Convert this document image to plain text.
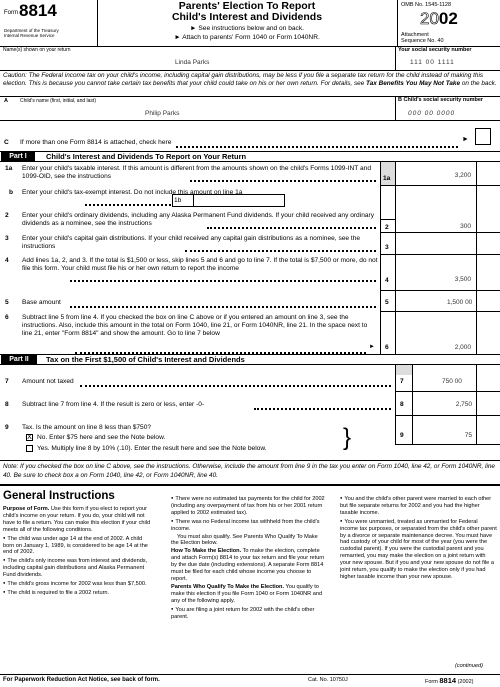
Form 8814
Department of the Treasury
Internal Revenue Service
Parents' Election To Report
Child's Interest and Dividends
► See instructions below and on back.
► Attach to parents' Form 1040 or Form 1040NR.
OMB No. 1545-1128
2002
Attachment
Sequence No. 40
Name(s) shown on your return
Linda Parks
Your social security number
111 00 1111
Caution: The Federal income tax on your child's income, including capital gain distributions, may be less if you file a separate tax return for the child instead of making this election. This is because you cannot take certain tax benefits that your child could take on his or her own return. For details, see Tax Benefits You May Not Take on the back.
A Child's name (first, initial, and last)
Philip Parks
B Child's social security number
000 00 0000
C If more than one Form 8814 is attached, check here	►
Part I	Child's Interest and Dividends To Report on Your Return
1a Enter your child's taxable interest. If this amount is different from the amounts shown on the child's Forms 1099-INT and 1099-OID, see the instructions	1a	3,200
b Enter your child's tax-exempt interest. Do not include this amount on line 1a
1b
2 Enter your child's ordinary dividends, including any Alaska Permanent Fund dividends. If your child received any ordinary dividends as a nominee, see the instructions
2	300
3 Enter your child's capital gain distributions. If your child received any capital gain distributions as a nominee, see the instructions	3
4 Add lines 1a, 2, and 3. If the total is $1,500 or less, skip lines 5 and 6 and go to line 7. If the total is $7,500 or more, do not file this form. Your child must file his or her own return to report the income
4	3,500
5 Base amount	5	1,500 00
6 Subtract line 5 from line 4. If you checked the box on line C above or if you entered an amount on line 3, see the instructions. Also, include this amount in the total on Form 1040, line 21, or Form 1040NR, line 21. In the space next to line 21, enter "Form 8814" and show the amount. Go to line 7 below
► 6	2,000
Part II	Tax on the First $1,500 of Child's Interest and Dividends
7 Amount not taxed	7	750 00
8 Subtract line 7 from line 4. If the result is zero or less, enter -0-	8	2,750
9 Tax. Is the amount on line 8 less than $750?
X No. Enter $75 here and see the Note below.
Yes. Multiply line 8 by 10% (.10). Enter the result here and see the Note below.	}	9	75
Note: If you checked the box on line C above, see the instructions. Otherwise, include the amount from line 9 in the tax you enter on Form 1040, line 42, or Form 1040NR, line 40. Be sure to check box a on Form 1040, line 42, or Form 1040NR, line 40.
General Instructions

Purpose of Form. Use this form if you elect to report your child's income on your return. If you do, your child will not have to file a return. You can make this election if your child meets all of the following conditions.

● The child was under age 14 at the end of 2002. A child born on January 1, 1989, is considered to be age 14 at the end of 2002.

● The child's only income was from interest and dividends, including capital gain distributions and Alaska Permanent Fund dividends.

● The child's gross income for 2002 was less than $7,500.

● The child is required to file a 2002 return.

● There were no estimated tax payments for the child for 2002 (including any overpayment of tax from his or her 2001 return applied to 2002 estimated tax).

● There was no Federal income tax withheld from the child's income.

You must also qualify. See Parents Who Qualify To Make the Election below.

How To Make the Election. To make the election, complete and attach Form(s) 8814 to your tax return and file your return by the due date (including extensions). A separate Form 8814 must be filed for each child whose income you choose to report.

Parents Who Qualify To Make the Election. You qualify to make this election if you file Form 1040 or Form 1040NR and any of the following apply.

● You are filing a joint return for 2002 with the child's other parent.

● You and the child's other parent were married to each other but file separate returns for 2002 and you had the higher taxable income.

● You were unmarried, treated as unmarried for Federal income tax purposes, or separated from the child's other parent by a divorce or separate maintenance decree. You must have had custody of your child for most of the year (you were the custodial parent). If you were the custodial parent and you remarried, you may make the election on a joint return with your new spouse. But if you and your new spouse do not file a joint return, you qualify to make the election only if you had higher taxable income than your new spouse.

(continued)
For Paperwork Reduction Act Notice, see back of form.	Cat. No. 10750J	Form 8814 (2002)
